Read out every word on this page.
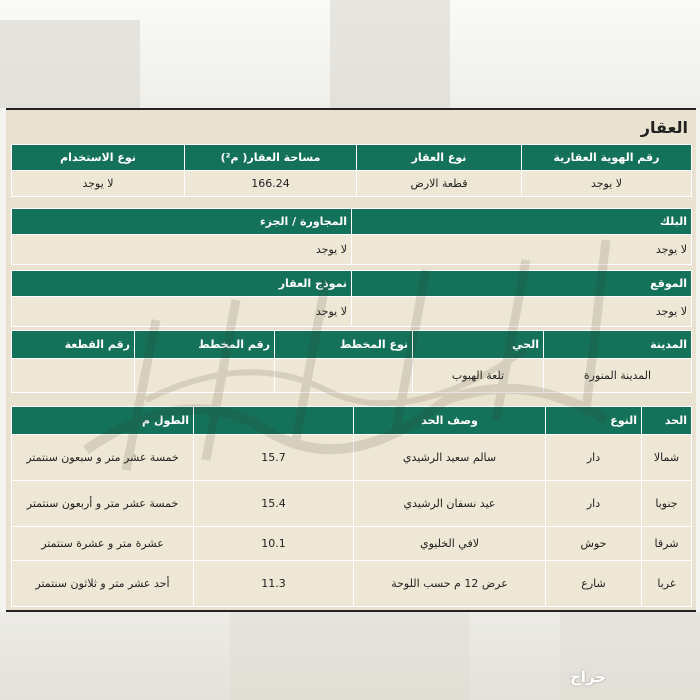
العقار
رقم الهوية العقارية	نوع العقار	مساحة العقار( م²)	نوع الاستخدام
لا يوجد	قطعة الارض	166.24	لا يوجد
البلك	المجاورة / الجزء
لا يوجد	لا يوجد
الموقع	نموذج العقار
لا يوجد	لا يوجد
المدينة	الحي	نوع المخطط	رقم المخطط	رقم القطعة
المدينة المنورة	تلعة الهبوب			
الحد	النوع	وصف الحد		الطول م
شمالا	دار	سالم سعيد الرشيدي	15.7	خمسة عشر متر و سبعون سنتمتر
جنوبا	دار	عيد نسفان الرشيدي	15.4	خمسة عشر متر و أربعون سنتمتر
شرقا	حوش	لافي الخليوي	10.1	عشرة متر و عشرة سنتمتر
غربا	شارع	عرض 12 م حسب اللوحة	11.3	أحد عشر متر و ثلاثون سنتمتر
حراج
